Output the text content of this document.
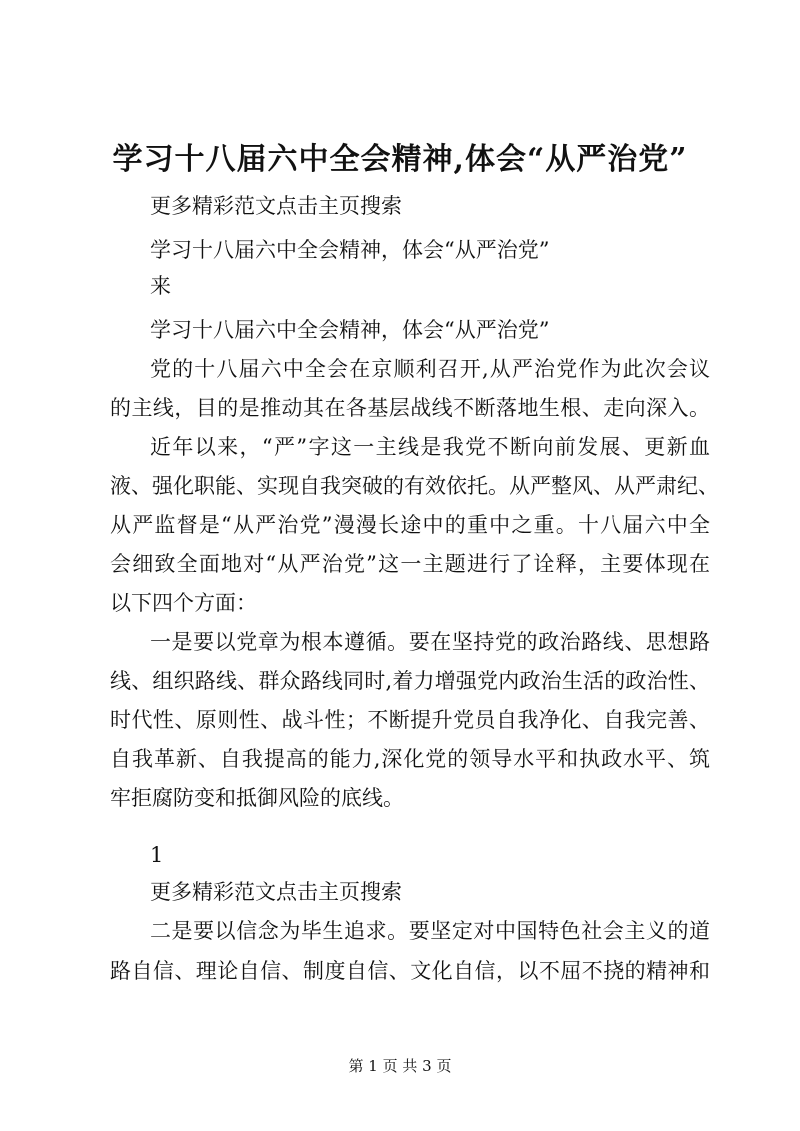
学习十八届六中全会精神,体会“从严治党”
更多精彩范文点击主页搜索
学习十八届六中全会精神，体会“从严治党”
来
学习十八届六中全会精神，体会“从严治党”
党的十八届六中全会在京顺利召开,从严治党作为此次会议
的主线，目的是推动其在各基层战线不断落地生根、走向深入。
近年以来，“严”字这一主线是我党不断向前发展、更新血
液、强化职能、实现自我突破的有效依托。从严整风、从严肃纪、
从严监督是“从严治党”漫漫长途中的重中之重。十八届六中全
会细致全面地对“从严治党”这一主题进行了诠释，主要体现在
以下四个方面：
一是要以党章为根本遵循。要在坚持党的政治路线、思想路
线、组织路线、群众路线同时,着力增强党内政治生活的政治性、
时代性、原则性、战斗性；不断提升党员自我净化、自我完善、
自我革新、自我提高的能力,深化党的领导水平和执政水平、筑
牢拒腐防变和抵御风险的底线。
1
更多精彩范文点击主页搜索
二是要以信念为毕生追求。要坚定对中国特色社会主义的道
路自信、理论自信、制度自信、文化自信，以不屈不挠的精神和
第 1 页 共 3 页
